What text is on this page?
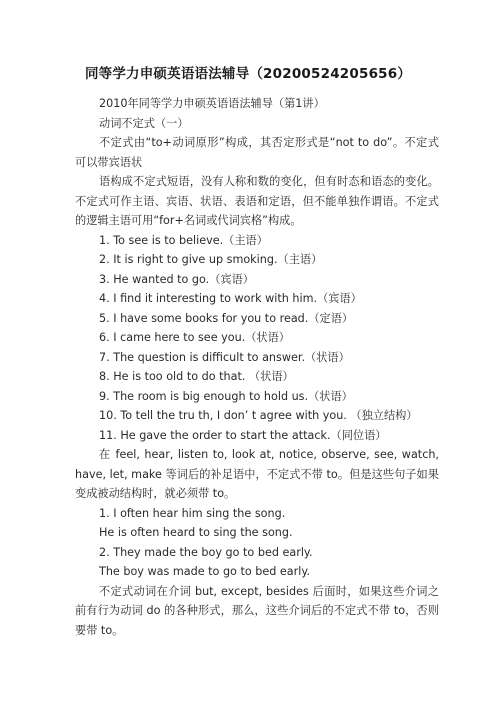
同等学力申硕英语语法辅导（20200524205656）

2010年同等学力申硕英语语法辅导（第1讲）

动词不定式（一）

不定式由“to+动词原形”构成，其否定形式是“not to do”。不定式可以带宾语状

语构成不定式短语，没有人称和数的变化，但有时态和语态的变化。不定式可作主语、宾语、状语、表语和定语，但不能单独作谓语。不定式的逻辑主语可用“for+名词或代词宾格”构成。

1. To see is to believe.（主语）

2. It is right to give up smoking.（主语）

3. He wanted to go.（宾语）

4. I find it interesting to work with him.（宾语）

5. I have some books for you to read.（定语）

6. I came here to see you.（状语）

7. The question is difficult to answer.（状语）

8. He is too old to do that. （状语）

9. The room is big enough to hold us.（状语）

10. To tell the tru th, I don’ t agree with you. （独立结构）

11. He gave the order to start the attack.（同位语）

在 feel, hear, listen to, look at, notice, observe, see, watch, have, let, make 等词后的补足语中，不定式不带 to。但是这些句子如果变成被动结构时，就必须带 to。

1. I often hear him sing the song.

He is often heard to sing the song.

2. They made the boy go to bed early.

The boy was made to go to bed early.

不定式动词在介词 but, except, besides 后面时，如果这些介词之前有行为动词 do 的各种形式，那么，这些介词后的不定式不带 to，否则要带 to。
